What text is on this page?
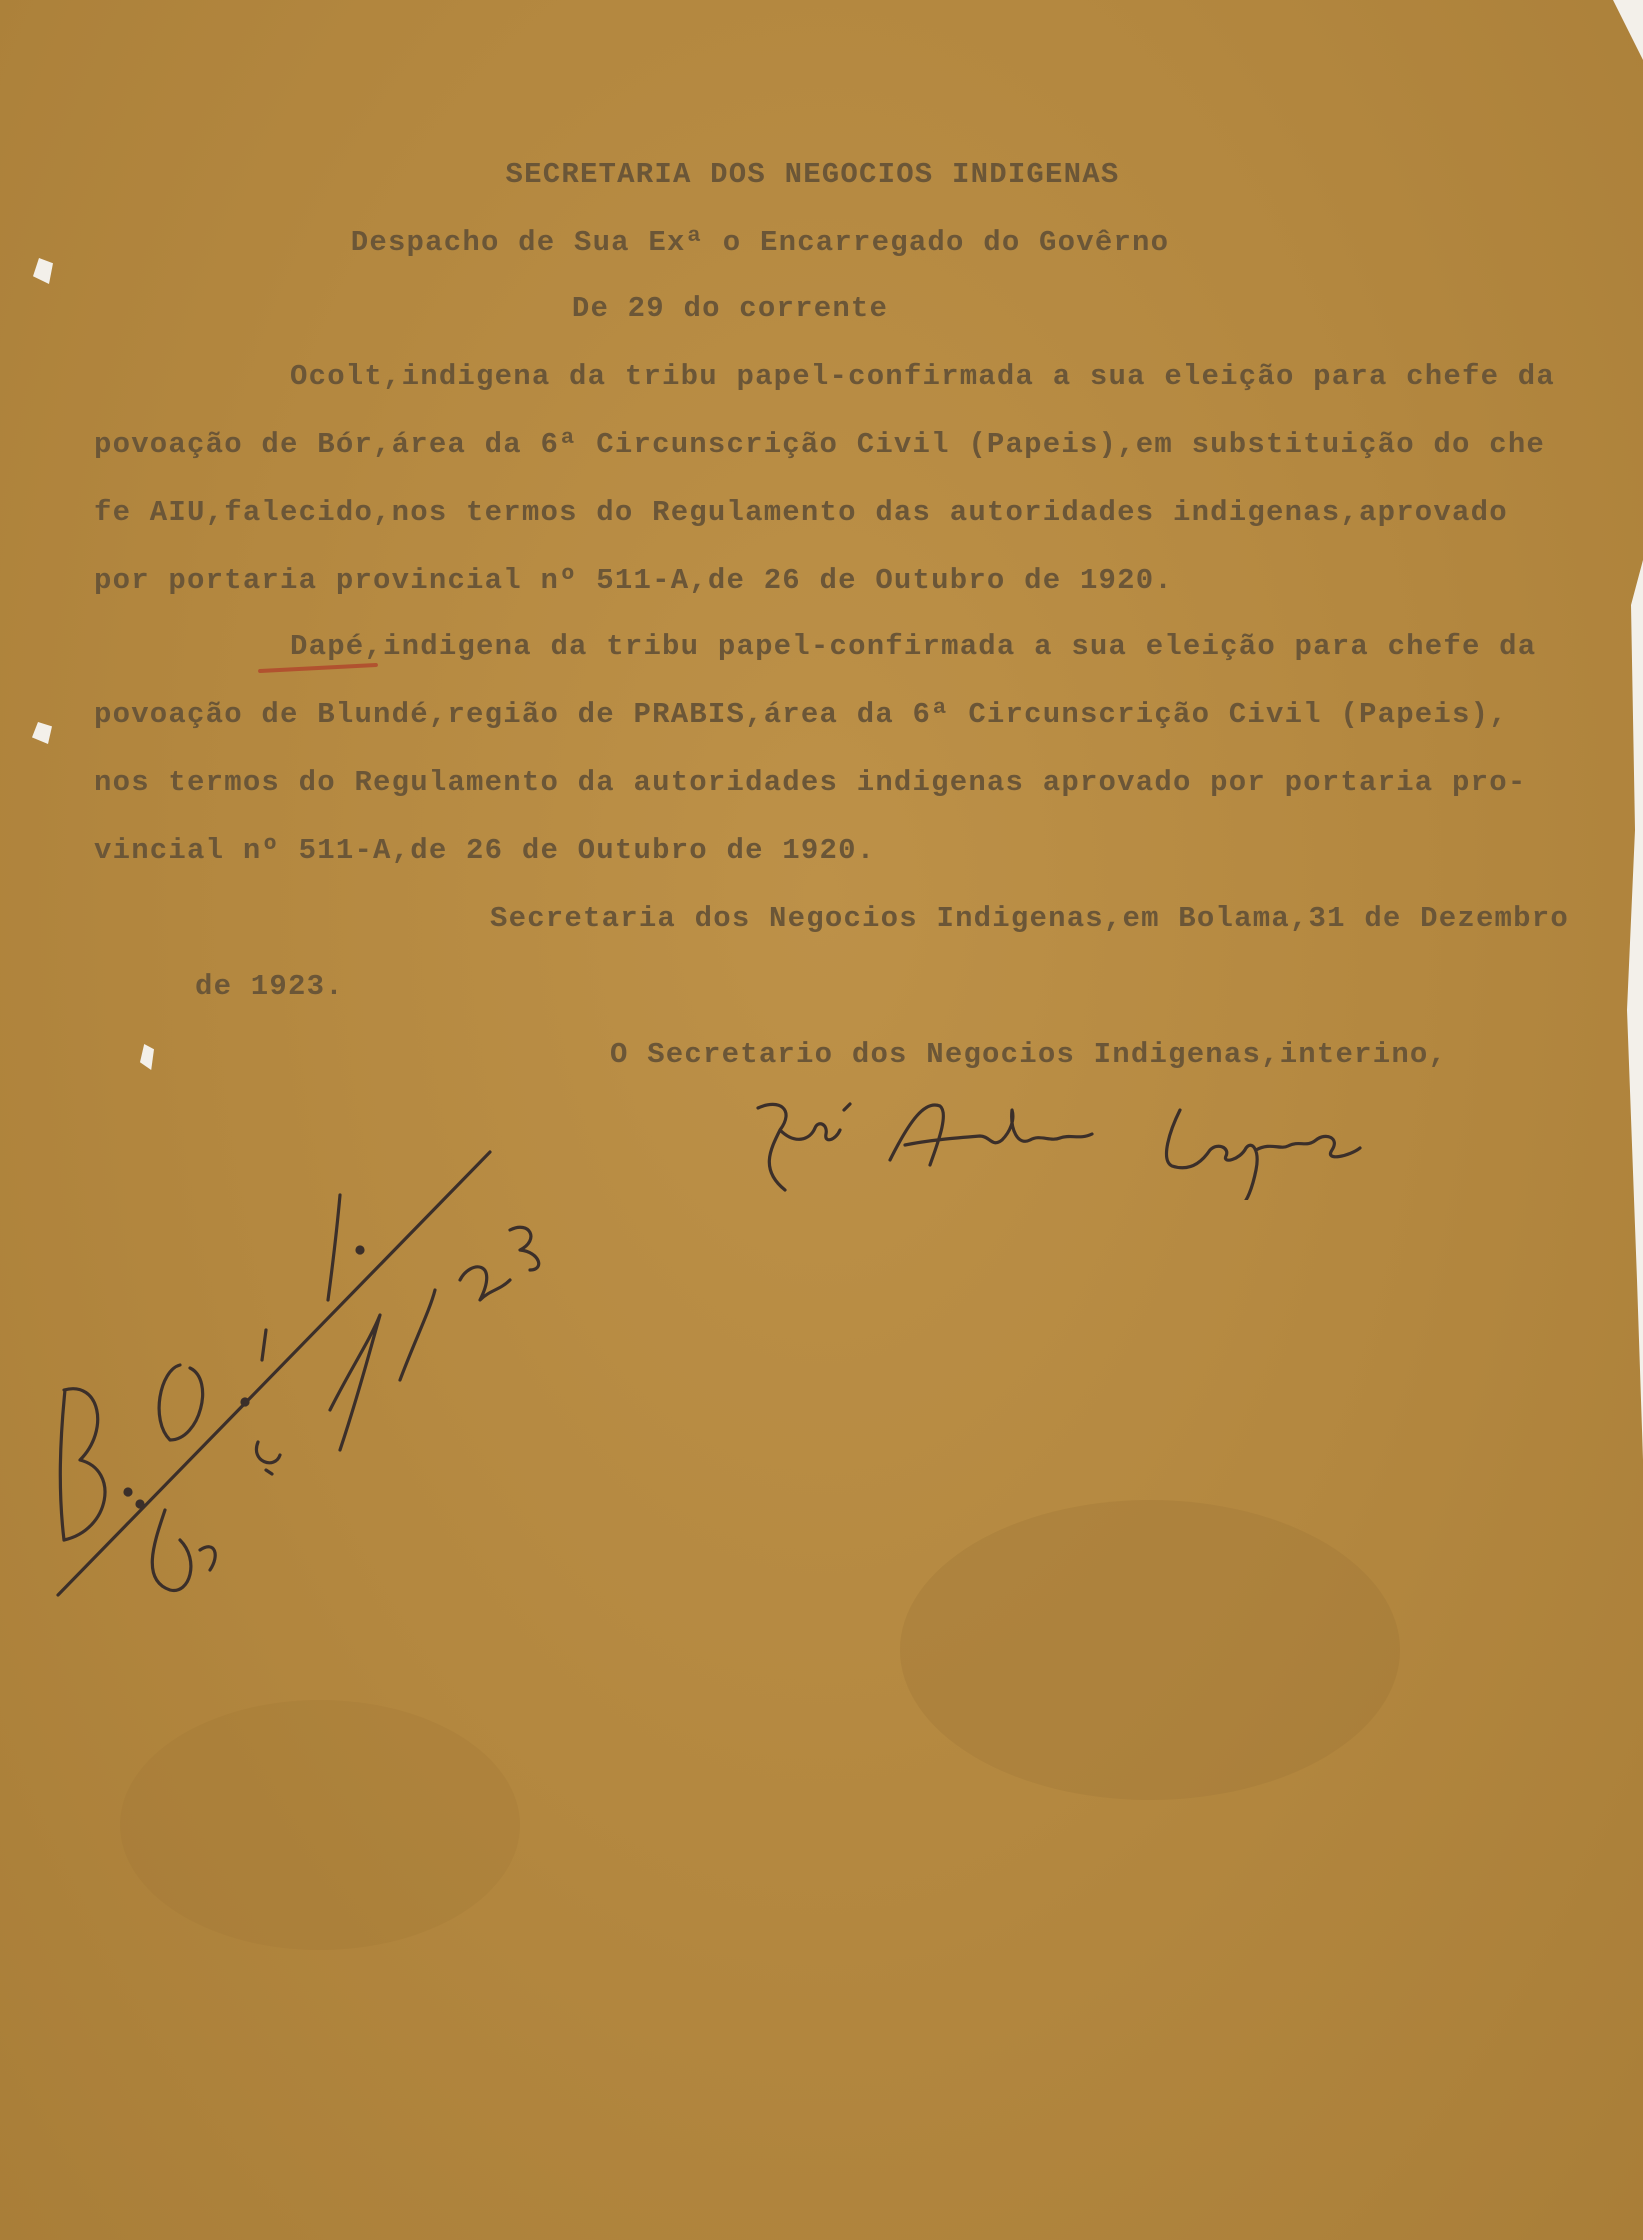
SECRETARIA DOS NEGOCIOS INDIGENAS
Despacho de Sua Exª o Encarregado do Govêrno
De 29 do corrente
Ocolt,indigena da tribu papel-confirmada a sua eleição para chefe da
povoação de Bór,área da 6ª Circunscrição Civil (Papeis),em substituição do che
fe AIU,falecido,nos termos do Regulamento das autoridades indigenas,aprovado
por portaria provincial nº 511-A,de 26 de Outubro de 1920.
Dapé,indigena da tribu papel-confirmada a sua eleição para chefe da
povoação de Blundé,região de PRABIS,área da 6ª Circunscrição Civil (Papeis),
nos termos do Regulamento da autoridades indigenas aprovado por portaria pro-
vincial nº 511-A,de 26 de Outubro de 1920.
Secretaria dos Negocios Indigenas,em Bolama,31 de Dezembro
de 1923.
O Secretario dos Negocios Indigenas,interino,
